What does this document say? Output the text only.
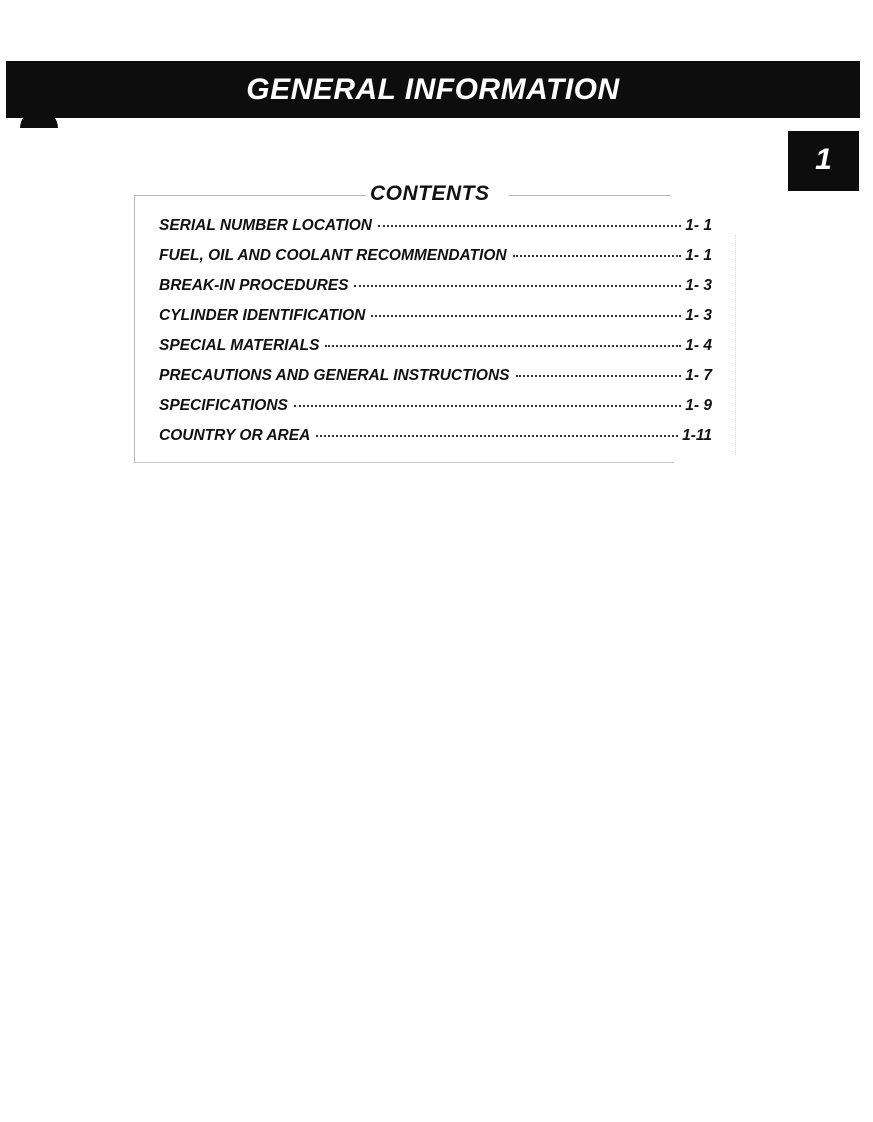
GENERAL INFORMATION
1
CONTENTS
SERIAL NUMBER LOCATION	1- 1
FUEL, OIL AND COOLANT RECOMMENDATION	1- 1
BREAK-IN PROCEDURES	1- 3
CYLINDER IDENTIFICATION	1- 3
SPECIAL MATERIALS	1- 4
PRECAUTIONS AND GENERAL INSTRUCTIONS	1- 7
SPECIFICATIONS	1- 9
COUNTRY OR AREA	1-11
